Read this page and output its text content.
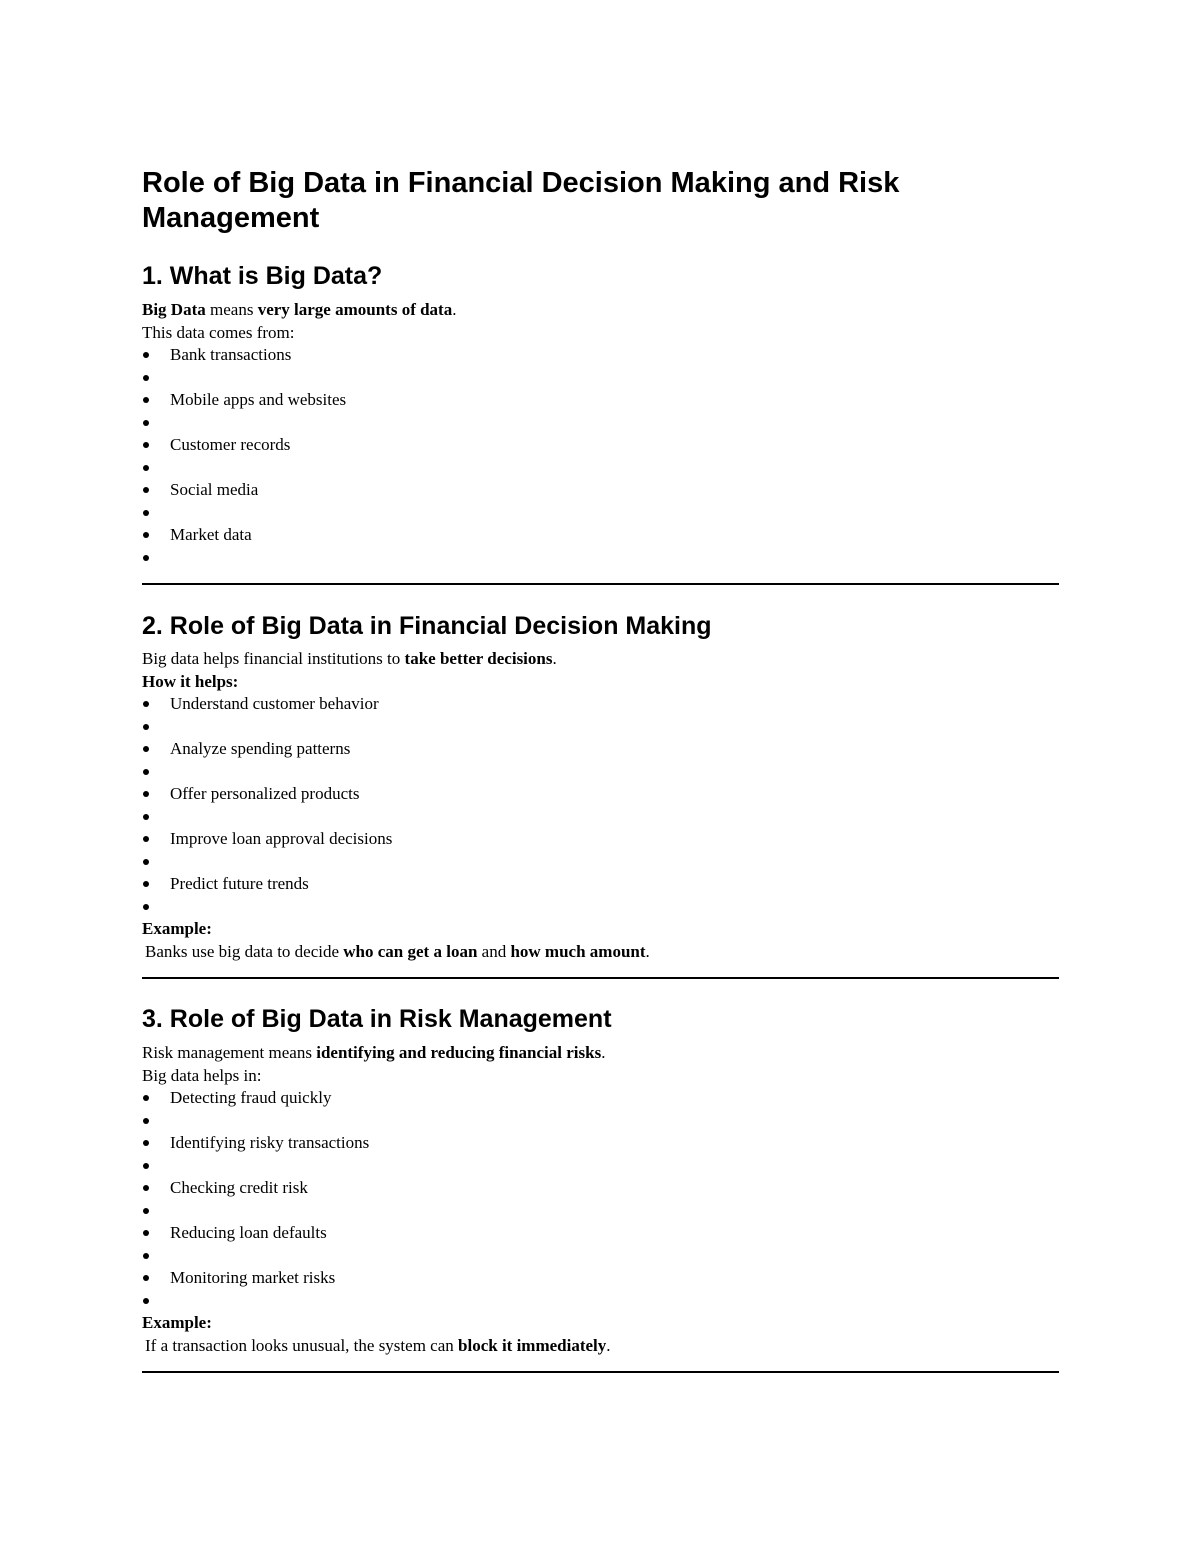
Role of Big Data in Financial Decision Making and Risk Management
1. What is Big Data?

Big Data means very large amounts of data.

This data comes from:

Bank transactions
Mobile apps and websites
Customer records
Social media
Market data
2. Role of Big Data in Financial Decision Making

Big data helps financial institutions to take better decisions.

How it helps:

Understand customer behavior
Analyze spending patterns
Offer personalized products
Improve loan approval decisions
Predict future trends

Example:

Banks use big data to decide who can get a loan and how much amount.

3. Role of Big Data in Risk Management

Risk management means identifying and reducing financial risks.

Big data helps in:

Detecting fraud quickly
Identifying risky transactions
Checking credit risk
Reducing loan defaults
Monitoring market risks

Example:

If a transaction looks unusual, the system can block it immediately.
